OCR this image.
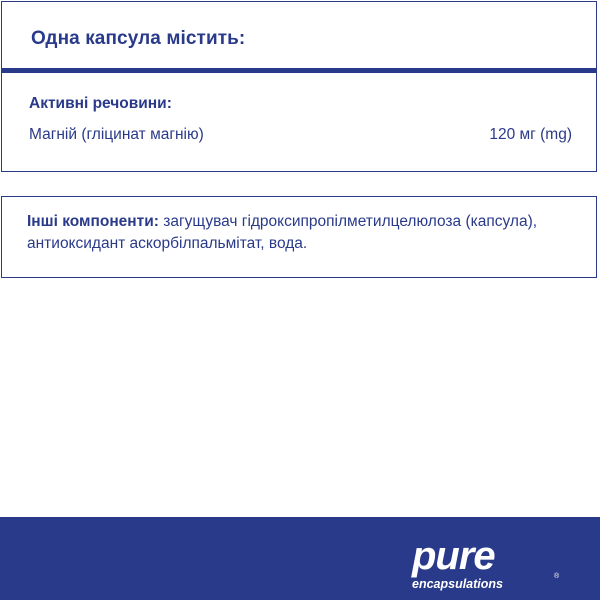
Одна капсула містить:
Активні речовини:
Магній (гліцинат магнію)	120 мг (mg)
Інші компоненти: загущувач гідроксипропілметилцелюлоза (капсула), антиоксидант аскорбілпальмітат, вода.
pure
encapsulations
®
